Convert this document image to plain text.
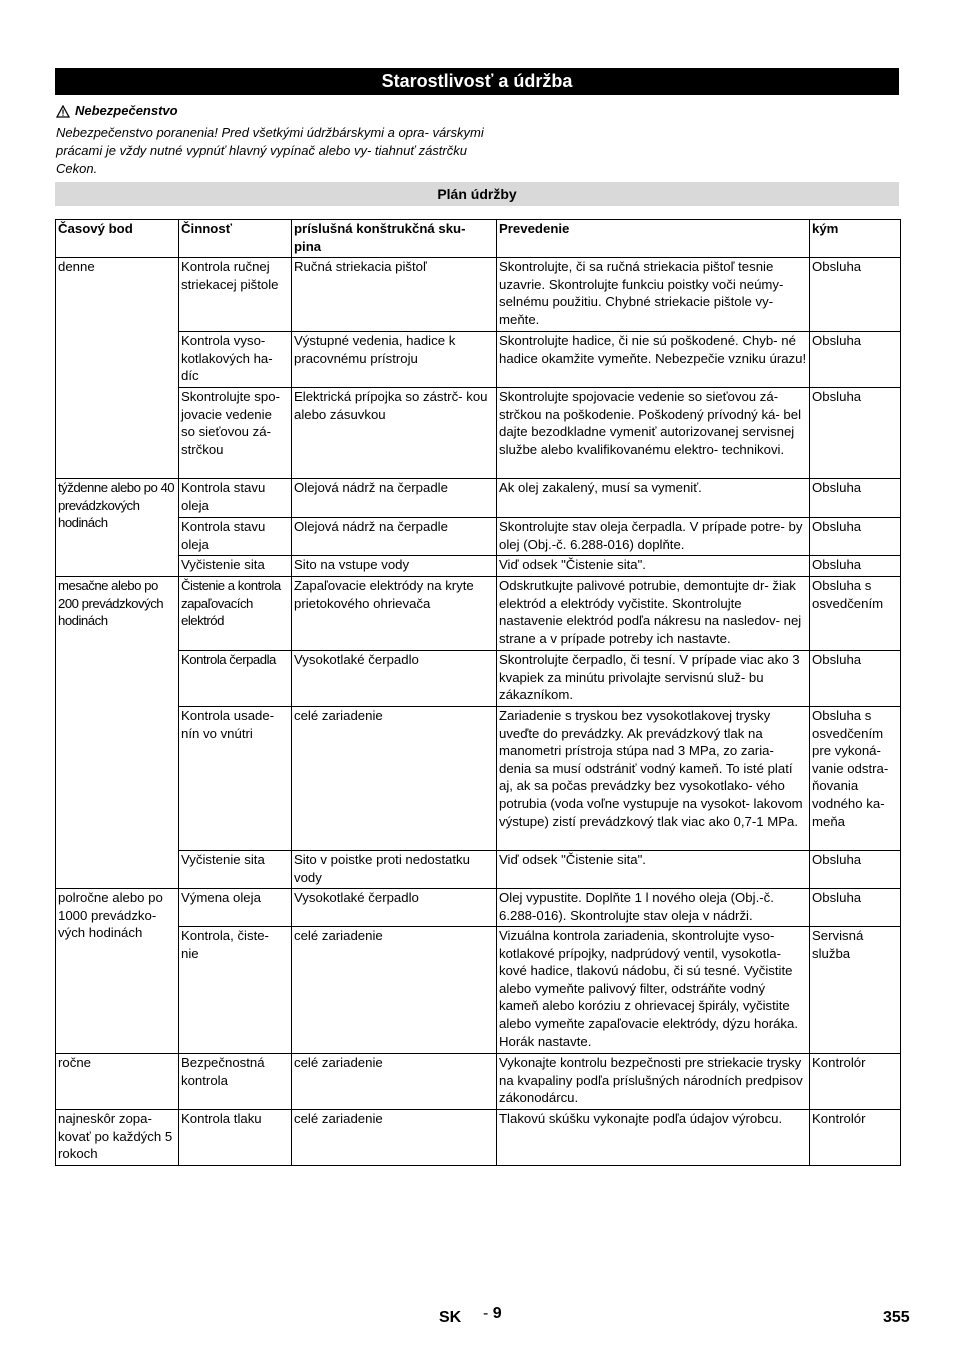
Starostlivosť a údržba
Nebezpečenstvo
Nebezpečenstvo poranenia! Pred všetkými údržbárskymi a opra- várskymi prácami je vždy nutné vypnúť hlavný vypínač alebo vy- tiahnuť zástrčku Cekon.
Plán údržby
Časový bod	Činnosť	príslušná konštrukčná sku- pina	Prevedenie	kým
denne	Kontrola ručnej striekacej pištole	Ručná striekacia pištoľ	Skontrolujte, či sa ručná striekacia pištoľ tesnie uzavrie. Skontrolujte funkciu poistky voči neúmy- selnému použitiu. Chybné striekacie pištole vy- meňte.	Obsluha
	Kontrola vyso- kotlakových ha- díc	Výstupné vedenia, hadice k pracovnému prístroju	Skontrolujte hadice, či nie sú poškodené. Chyb- né hadice okamžite vymeňte. Nebezpečie vzniku úrazu!	Obsluha
	Skontrolujte spo- jovacie vedenie so sieťovou zá- strčkou	Elektrická prípojka so zástrč- kou alebo zásuvkou	Skontrolujte spojovacie vedenie so sieťovou zá- strčkou na poškodenie. Poškodený prívodný ká- bel dajte bezodkladne vymeniť autorizovanej servisnej službe alebo kvalifikovanému elektro- technikovi.	Obsluha
týždenne alebo po 40 prevádzkových hodinách	Kontrola stavu oleja	Olejová nádrž na čerpadle	Ak olej zakalený, musí sa vymeniť.	Obsluha
	Kontrola stavu oleja	Olejová nádrž na čerpadle	Skontrolujte stav oleja čerpadla. V prípade potre- by olej (Obj.-č. 6.288-016) doplňte.	Obsluha
	Vyčistenie sita	Sito na vstupe vody	Viď odsek "Čistenie sita".	Obsluha
mesačne alebo po 200 prevádzkových hodinách	Čistenie a kontrola zapaľovacích elektród	Zapaľovacie elektródy na kryte prietokového ohrievača	Odskrutkujte palivové potrubie, demontujte dr- žiak elektród a elektródy vyčistite. Skontrolujte nastavenie elektród podľa nákresu na nasledov- nej strane a v prípade potreby ich nastavte.	Obsluha s osvedčením
	Kontrola čerpadla	Vysokotlaké čerpadlo	Skontrolujte čerpadlo, či tesní. V prípade viac ako 3 kvapiek za minútu privolajte servisnú služ- bu zákazníkom.	Obsluha
	Kontrola usade- nín vo vnútri	celé zariadenie	Zariadenie s tryskou bez vysokotlakovej trysky uveďte do prevádzky. Ak prevádzkový tlak na manometri prístroja stúpa nad 3 MPa, zo zaria- denia sa musí odstrániť vodný kameň. To isté platí aj, ak sa počas prevádzky bez vysokotlako- vého potrubia (voda voľne vystupuje na vysokot- lakovom výstupe) zistí prevádzkový tlak viac ako 0,7-1 MPa.	Obsluha s osvedčením pre vykoná- vanie odstra- ňovania vodného ka- meňa
	Vyčistenie sita	Sito v poistke proti nedostatku vody	Viď odsek "Čistenie sita".	Obsluha
polročne alebo po 1000 prevádzko- vých hodinách	Výmena oleja	Vysokotlaké čerpadlo	Olej vypustite. Doplňte 1 l nového oleja (Obj.-č. 6.288-016). Skontrolujte stav oleja v nádrži.	Obsluha
	Kontrola, čiste- nie	celé zariadenie	Vizuálna kontrola zariadenia, skontrolujte vyso- kotlakové prípojky, nadprúdový ventil, vysokotla- kové hadice, tlakovú nádobu, či sú tesné. Vyčistite alebo vymeňte palivový filter, odstráňte vodný kameň alebo koróziu z ohrievacej špirály, vyčistite alebo vymeňte zapaľovacie elektródy, dýzu horáka. Horák nastavte.	Servisná služba
ročne	Bezpečnostná kontrola	celé zariadenie	Vykonajte kontrolu bezpečnosti pre striekacie trysky na kvapaliny podľa príslušných národních predpisov zákonodárcu.	Kontrolór
najneskôr zopa- kovať po každých 5 rokoch	Kontrola tlaku	celé zariadenie	Tlakovú skúšku vykonajte podľa údajov výrobcu.	Kontrolór
SK - 9	355
